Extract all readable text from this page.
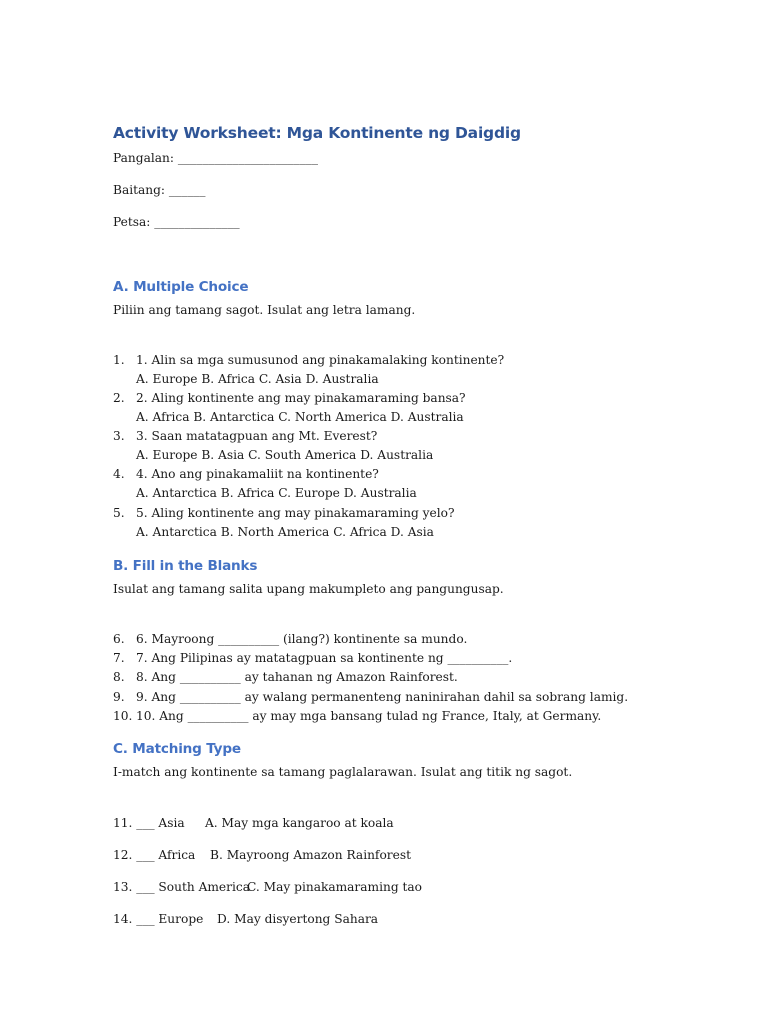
Activity Worksheet: Mga Kontinente ng Daigdig
Pangalan: _______________________
Baitang: ______
Petsa: ______________
A. Multiple Choice
Piliin ang tamang sagot. Isulat ang letra lamang.
1. 1. Alin sa mga sumusunod ang pinakamalaking kontinente?
A. Europe B. Africa C. Asia D. Australia
2. 2. Aling kontinente ang may pinakamaraming bansa?
A. Africa B. Antarctica C. North America D. Australia
3. 3. Saan matatagpuan ang Mt. Everest?
A. Europe B. Asia C. South America D. Australia
4. 4. Ano ang pinakamaliit na kontinente?
A. Antarctica B. Africa C. Europe D. Australia
5. 5. Aling kontinente ang may pinakamaraming yelo?
A. Antarctica B. North America C. Africa D. Asia
B. Fill in the Blanks
Isulat ang tamang salita upang makumpleto ang pangungusap.
6. 6. Mayroong __________ (ilang?) kontinente sa mundo.
7. 7. Ang Pilipinas ay matatagpuan sa kontinente ng __________.
8. 8. Ang __________ ay tahanan ng Amazon Rainforest.
9. 9. Ang __________ ay walang permanenteng naninirahan dahil sa sobrang lamig.
10. 10. Ang __________ ay may mga bansang tulad ng France, Italy, at Germany.
C. Matching Type
I-match ang kontinente sa tamang paglalarawan. Isulat ang titik ng sagot.
11. ___ Asia A. May mga kangaroo at koala
12. ___ Africa B. Mayroong Amazon Rainforest
13. ___ South AmericaC. May pinakamaraming tao
14. ___ Europe D. May disyertong Sahara
